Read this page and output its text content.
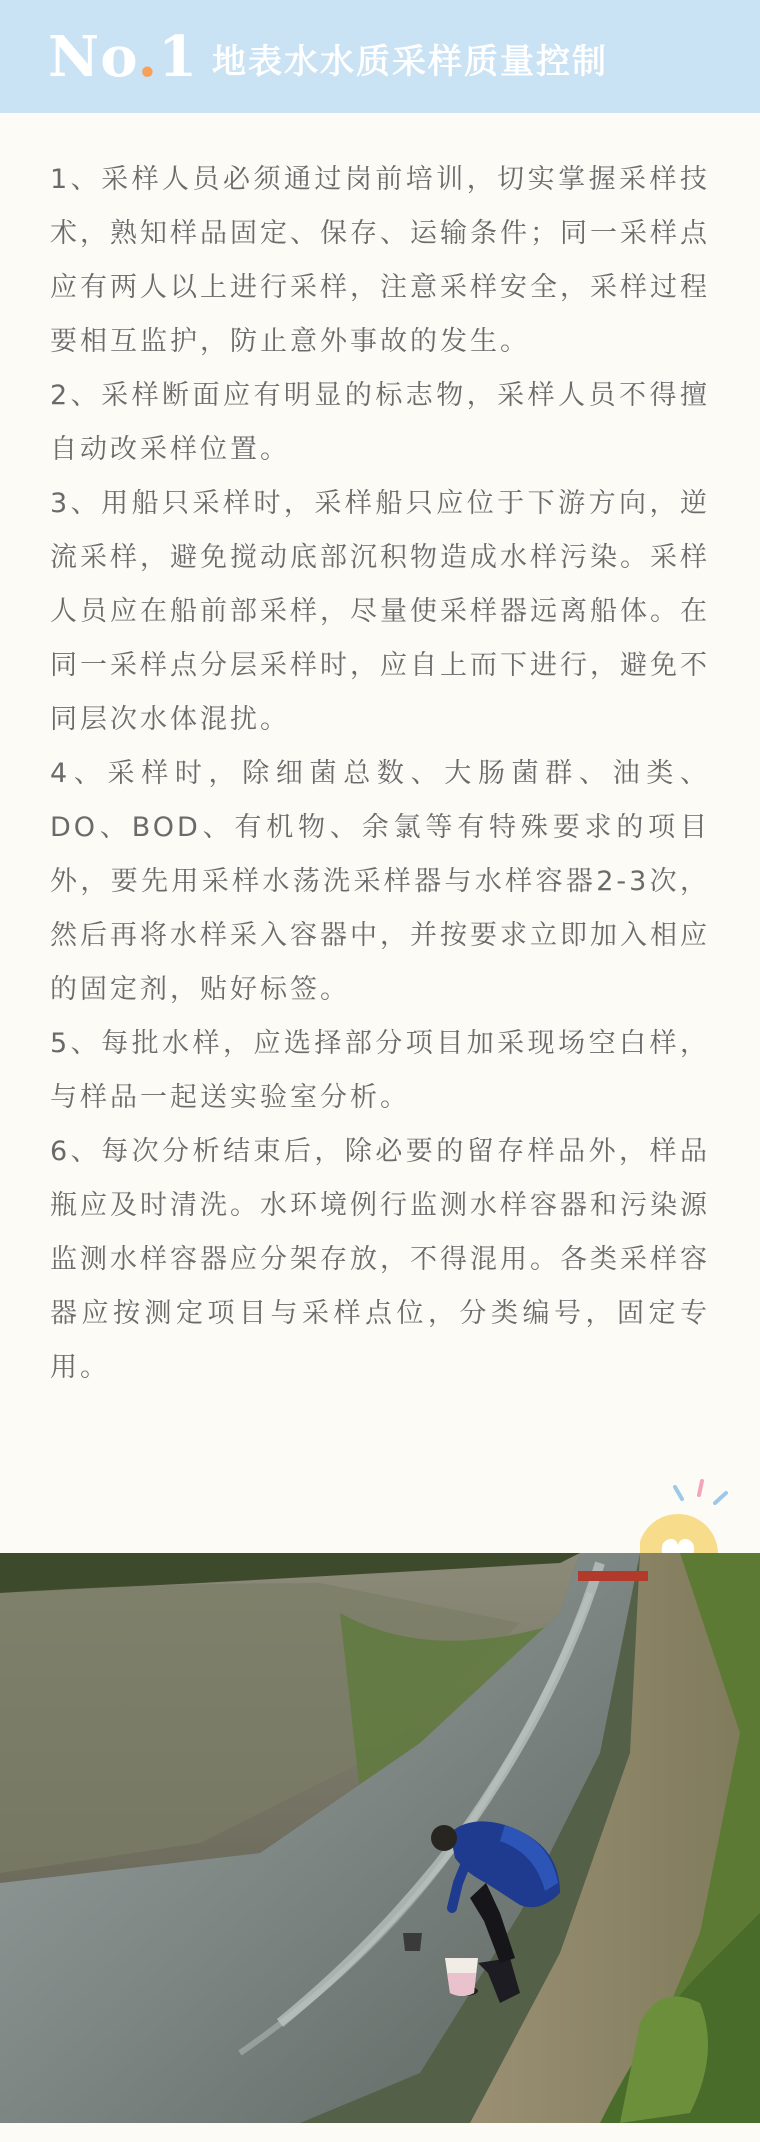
No.1 地表水水质采样质量控制

1、采样人员必须通过岗前培训，切实掌握采样技术，熟知样品固定、保存、运输条件；同一采样点应有两人以上进行采样，注意采样安全，采样过程要相互监护，防止意外事故的发生。

2、采样断面应有明显的标志物，采样人员不得擅自动改采样位置。

3、用船只采样时，采样船只应位于下游方向，逆流采样，避免搅动底部沉积物造成水样污染。采样人员应在船前部采样，尽量使采样器远离船体。在同一采样点分层采样时，应自上而下进行，避免不同层次水体混扰。

4、采样时，除细菌总数、大肠菌群、油类、DO、BOD、有机物、余氯等有特殊要求的项目外，要先用采样水荡洗采样器与水样容器2-3次，然后再将水样采入容器中，并按要求立即加入相应的固定剂，贴好标签。

5、每批水样，应选择部分项目加采现场空白样，与样品一起送实验室分析。

6、每次分析结束后，除必要的留存样品外，样品瓶应及时清洗。水环境例行监测水样容器和污染源监测水样容器应分架存放，不得混用。各类采样容器应按测定项目与采样点位，分类编号，固定专用。
